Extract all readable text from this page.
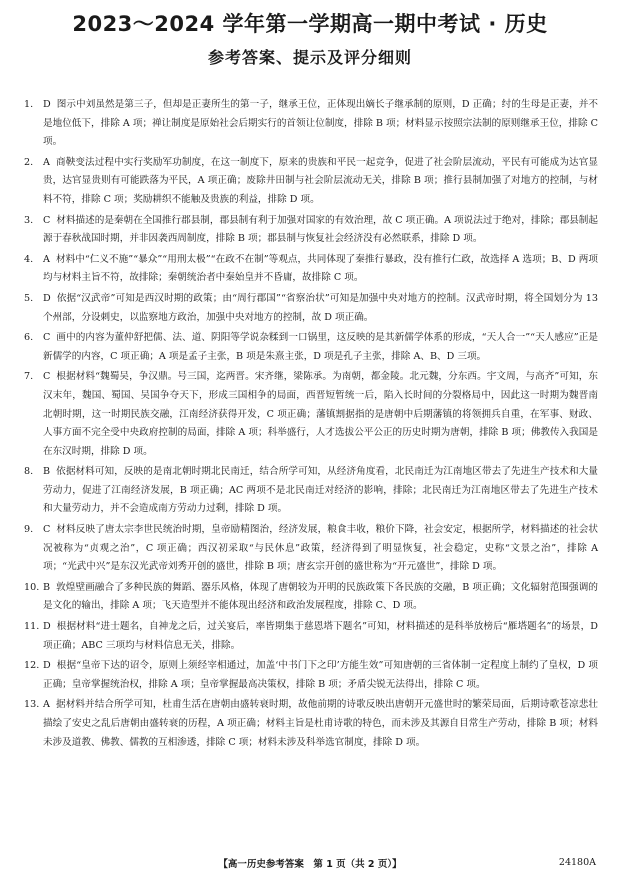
2023～2024 学年第一学期高一期中考试 · 历史
参考答案、提示及评分细则
1. D 图示中刘虽然是第三子，但却是正妻所生的第一子，继承王位，正体现出嫡长子继承制的原则，D 正确；纣的生母是正妻，并不是地位低下，排除 A 项；禅让制度是原始社会后期实行的首领让位制度，排除 B 项；材料显示按照宗法制的原则继承王位，排除 C 项。
2. A 商鞅变法过程中实行奖励军功制度，在这一制度下，原来的贵族和平民一起竞争，促进了社会阶层流动，平民有可能成为达官显贵，达官显贵则有可能跌落为平民，A 项正确；废除井田制与社会阶层流动无关，排除 B 项；推行县制加强了对地方的控制，与材料不符，排除 C 项；奖励耕织不能触及贵族的利益，排除 D 项。
3. C 材料描述的是秦朝在全国推行郡县制，郡县制有利于加强对国家的有效治理，故 C 项正确。A 项说法过于绝对，排除；郡县制起源于春秋战国时期，并非因袭西周制度，排除 B 项；郡县制与恢复社会经济没有必然联系，排除 D 项。
4. A 材料中“仁义不施”“暴众”“用刑太极”“在政不在制”等观点，共同体现了秦推行暴政，没有推行仁政，故选择 A 选项；B、D 两项均与材料主旨不符，故排除；秦朝统治者中秦始皇并不昏庸，故排除 C 项。
5. D 依据“汉武帝”可知是西汉时期的政策；由“周行郡国”“省察治状”可知是加强中央对地方的控制。汉武帝时期，将全国划分为 13 个州部，分设刺史，以监察地方政治，加强中央对地方的控制，故 D 项正确。
6. C 画中的内容为董仲舒把儒、法、道、阴阳等学说杂糅到一口锅里，这反映的是其新儒学体系的形成，“天人合一”“天人感应”正是新儒学的内容，C 项正确；A 项是孟子主张，B 项是朱熹主张，D 项是孔子主张，排除 A、B、D 三项。
7. C 根据材料“魏蜀吴，争汉鼎。号三国，迄两晋。宋齐继，梁陈承。为南朝，都金陵。北元魏，分东西。宇文周，与高齐”可知，东汉末年，魏国、蜀国、吴国争夺天下，形成三国相争的局面，西晋短暂统一后，陷入长时间的分裂格局中，因此这一时期为魏晋南北朝时期，这一时期民族交融，江南经济获得开发，C 项正确；藩镇割据指的是唐朝中后期藩镇的将领拥兵自重，在军事、财政、人事方面不完全受中央政府控制的局面，排除 A 项；科举盛行，人才选拔公平公正的历史时期为唐朝，排除 B 项；佛教传入我国是在东汉时期，排除 D 项。
8. B 依据材料可知，反映的是南北朝时期北民南迁，结合所学可知，从经济角度看，北民南迁为江南地区带去了先进生产技术和大量劳动力，促进了江南经济发展，B 项正确；AC 两项不是北民南迁对经济的影响，排除；北民南迁为江南地区带去了先进生产技术和大量劳动力，并不会造成南方劳动力过剩，排除 D 项。
9. C 材料反映了唐太宗李世民统治时期，皇帝励精图治，经济发展，粮食丰收，粮价下降，社会安定，根据所学，材料描述的社会状况被称为“贞观之治”，C 项正确；西汉初采取“与民休息”政策，经济得到了明显恢复，社会稳定，史称“文景之治”，排除 A 项；“光武中兴”是东汉光武帝刘秀开创的盛世，排除 B 项；唐玄宗开创的盛世称为“开元盛世”，排除 D 项。
10. B 敦煌壁画融合了多种民族的舞蹈、器乐风格，体现了唐朝较为开明的民族政策下各民族的交融，B 项正确；文化辐射范围强调的是文化的输出，排除 A 项；飞天造型并不能体现出经济和政治发展程度，排除 C、D 项。
11. D 根据材料“进士题名，自神龙之后，过关宴后，率皆期集于慈恩塔下题名”可知，材料描述的是科举放榜后“雁塔题名”的场景，D 项正确；ABC 三项均与材料信息无关，排除。
12. D 根据“皇帝下达的诏令，原则上须经宰相通过，加盖‘中书门下之印’方能生效”可知唐朝的三省体制一定程度上制约了皇权，D 项正确；皇帝掌握统治权，排除 A 项；皇帝掌握最高决策权，排除 B 项；矛盾尖锐无法得出，排除 C 项。
13. A 据材料并结合所学可知，杜甫生活在唐朝由盛转衰时期，故他前期的诗歌反映出唐朝开元盛世时的繁荣局面，后期诗歌苍凉悲壮描绘了安史之乱后唐朝由盛转衰的历程，A 项正确；材料主旨是杜甫诗歌的特色，而未涉及其源自目常生产劳动，排除 B 项；材料未涉及道教、佛教、儒教的互相渗透，排除 C 项；材料未涉及科举选官制度，排除 D 项。
【高一历史参考答案　第 1 页（共 2 页）】	24180A
